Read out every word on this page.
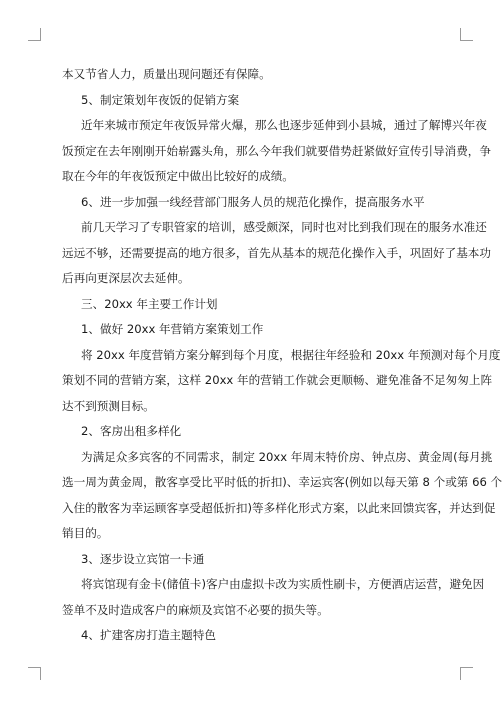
本又节省人力，质量出现问题还有保障。
5、制定策划年夜饭的促销方案
近年来城市预定年夜饭异常火爆，那么也逐步延伸到小县城，通过了解博兴年夜
饭预定在去年刚刚开始崭露头角，那么今年我们就要借势赶紧做好宣传引导消费，争
取在今年的年夜饭预定中做出比较好的成绩。
6、进一步加强一线经营部门服务人员的规范化操作，提高服务水平
前几天学习了专职管家的培训，感受颇深，同时也对比到我们现在的服务水准还
远远不够，还需要提高的地方很多，首先从基本的规范化操作入手，巩固好了基本功
后再向更深层次去延伸。
三、20xx 年主要工作计划
1、做好 20xx 年营销方案策划工作
将 20xx 年度营销方案分解到每个月度，根据往年经验和 20xx 年预测对每个月度
策划不同的营销方案，这样 20xx 年的营销工作就会更顺畅、避免准备不足匆匆上阵
达不到预测目标。
2、客房出租多样化
为满足众多宾客的不同需求，制定 20xx 年周末特价房、钟点房、黄金周(每月挑
选一周为黄金周，散客享受比平时低的折扣)、幸运宾客(例如以每天第 8 个或第 66 个
入住的散客为幸运顾客享受超低折扣)等多样化形式方案，以此来回馈宾客，并达到促
销目的。
3、逐步设立宾馆一卡通
将宾馆现有金卡(储值卡)客户由虚拟卡改为实质性刷卡，方便酒店运营，避免因
签单不及时造成客户的麻烦及宾馆不必要的损失等。
4、扩建客房打造主题特色
